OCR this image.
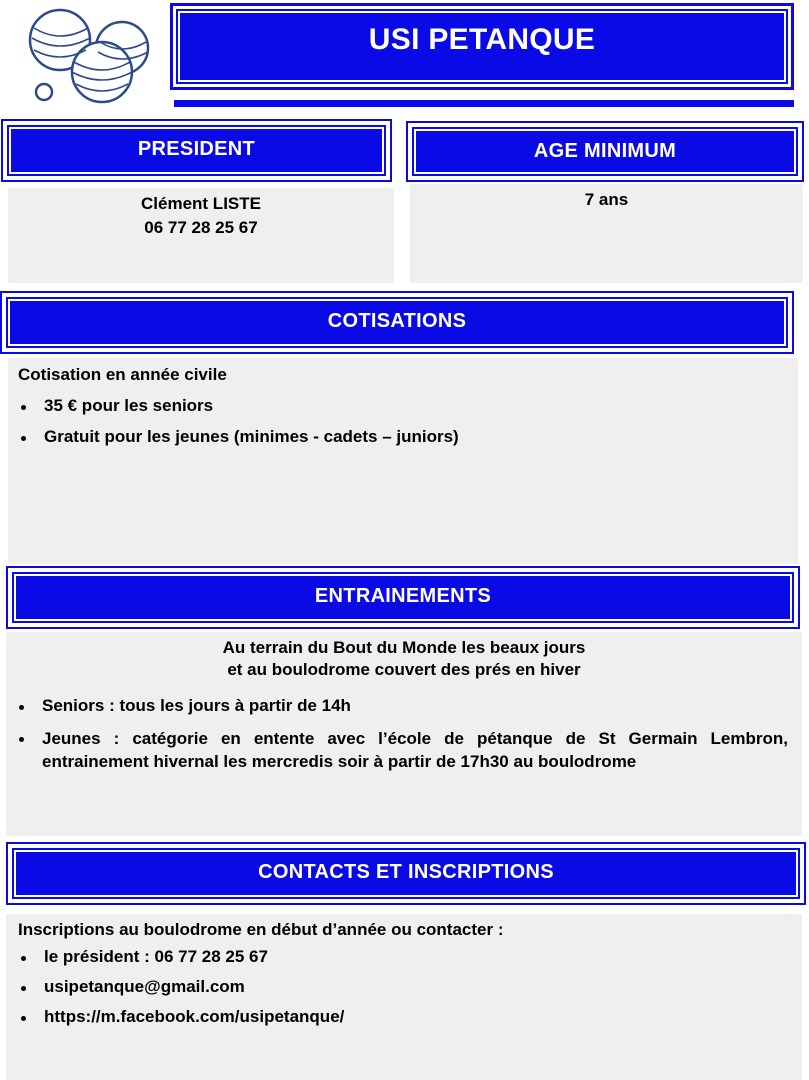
USI PETANQUE
PRESIDENT	AGE MINIMUM
Clément LISTE
06 77 28 25 67
7 ans
COTISATIONS
Cotisation en année civile
35 € pour les seniors
Gratuit pour les jeunes (minimes - cadets – juniors)
ENTRAINEMENTS
Au terrain du Bout du Monde les beaux jours
et au boulodrome couvert des prés en hiver
Seniors : tous les jours à partir de 14h
Jeunes : catégorie en entente avec l’école de pétanque de St Germain Lembron, entrainement hivernal les mercredis soir à partir de 17h30 au boulodrome
CONTACTS ET INSCRIPTIONS
Inscriptions au boulodrome en début d’année ou contacter :
le président : 06 77 28 25 67
usipetanque@gmail.com
https://m.facebook.com/usipetanque/
